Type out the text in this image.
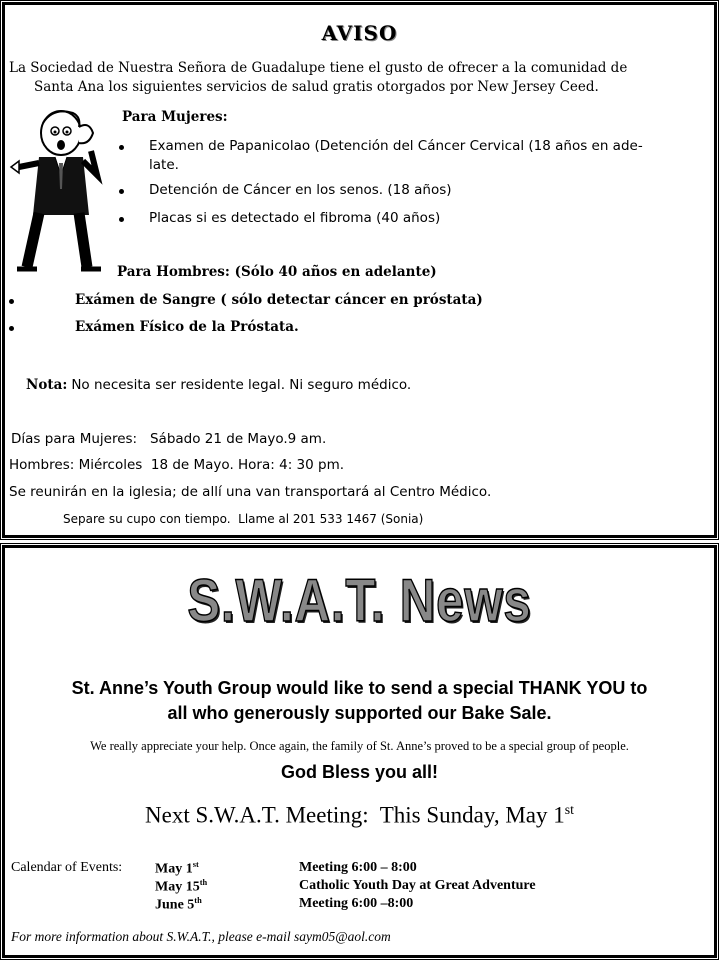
AVISO
La Sociedad de Nuestra Señora de Guadalupe tiene el gusto de ofrecer a la comunidad de
Santa Ana los siguientes servicios de salud gratis otorgados por New Jersey Ceed.
Para Mujeres:
Examen de Papanicolao (Detención del Cáncer Cervical (18 años en ade-
late.
Detención de Cáncer en los senos. (18 años)
Placas si es detectado el fibroma (40 años)
Para Hombres: (Sólo 40 años en adelante)
Exámen de Sangre ( sólo detectar cáncer en próstata)
Exámen Físico de la Próstata.
Nota: No necesita ser residente legal. Ni seguro médico.
Días para Mujeres:   Sábado 21 de Mayo.9 am.
Hombres: Miércoles  18 de Mayo. Hora: 4: 30 pm.
Se reunirán en la iglesia; de allí una van transportará al Centro Médico.
Separe su cupo con tiempo.  Llame al 201 533 1467 (Sonia)
S.W.A.T. News
St. Anne’s Youth Group would like to send a special THANK YOU to
all who generously supported our Bake Sale.
We really appreciate your help. Once again, the family of St. Anne’s proved to be a special group of people.
God Bless you all!
Next S.W.A.T. Meeting:  This Sunday, May 1st
Calendar of Events: May 1st	Meeting 6:00 – 8:00
May 15th	Catholic Youth Day at Great Adventure
June 5th	Meeting 6:00 –8:00
For more information about S.W.A.T., please e-mail saym05@aol.com
